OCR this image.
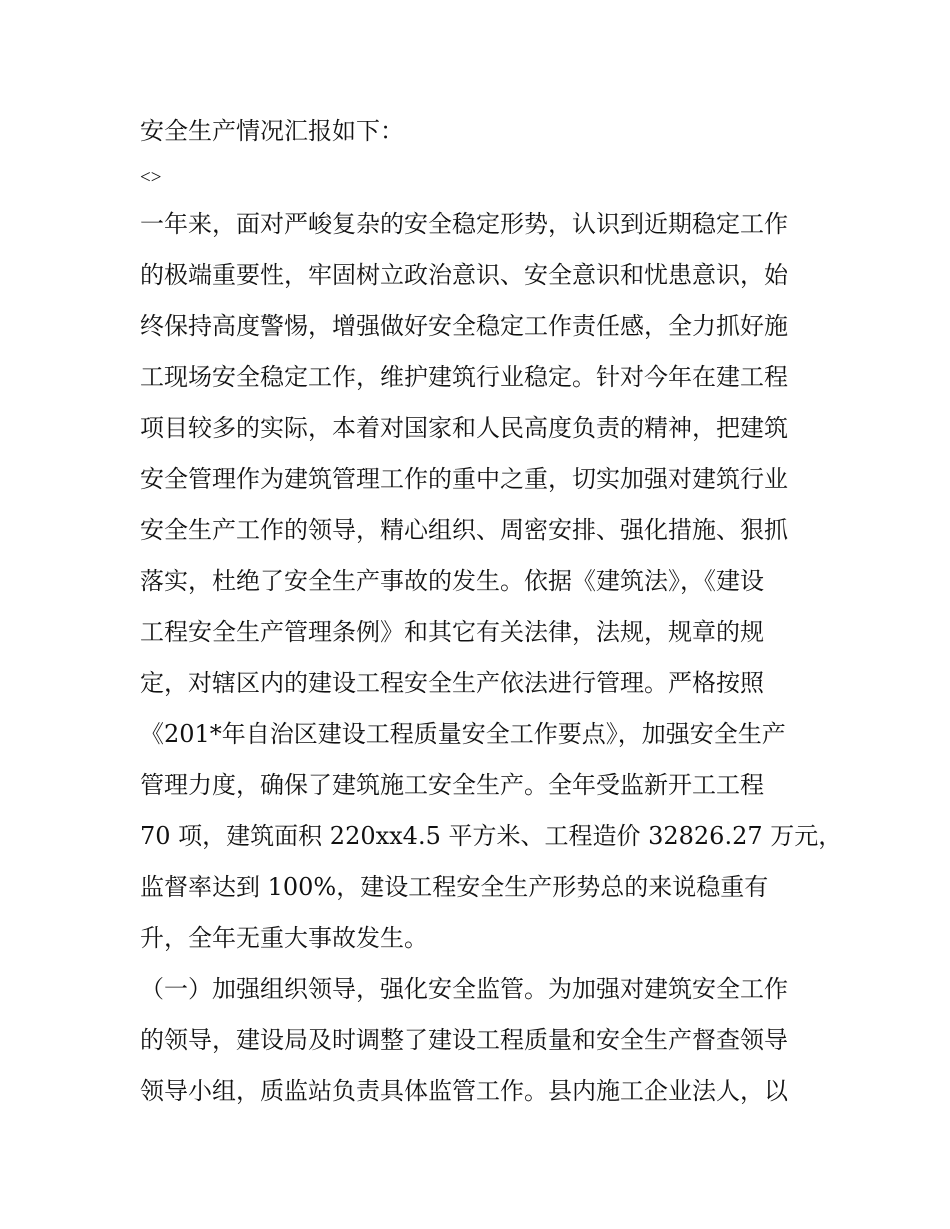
安全生产情况汇报如下：
<>
一年来，面对严峻复杂的安全稳定形势，认识到近期稳定工作
的极端重要性，牢固树立政治意识、安全意识和忧患意识，始
终保持高度警惕，增强做好安全稳定工作责任感，全力抓好施
工现场安全稳定工作，维护建筑行业稳定。针对今年在建工程
项目较多的实际，本着对国家和人民高度负责的精神，把建筑
安全管理作为建筑管理工作的重中之重，切实加强对建筑行业
安全生产工作的领导，精心组织、周密安排、强化措施、狠抓
落实，杜绝了安全生产事故的发生。依据《建筑法》，《建设
工程安全生产管理条例》和其它有关法律，法规，规章的规
定，对辖区内的建设工程安全生产依法进行管理。严格按照
《201*年自治区建设工程质量安全工作要点》，加强安全生产
管理力度，确保了建筑施工安全生产。全年受监新开工工程
70 项，建筑面积 220xx4.5 平方米、工程造价 32826.27 万元，
监督率达到 100%，建设工程安全生产形势总的来说稳重有
升，全年无重大事故发生。
（一）加强组织领导，强化安全监管。为加强对建筑安全工作
的领导，建设局及时调整了建设工程质量和安全生产督查领导
领导小组，质监站负责具体监管工作。县内施工企业法人，以
